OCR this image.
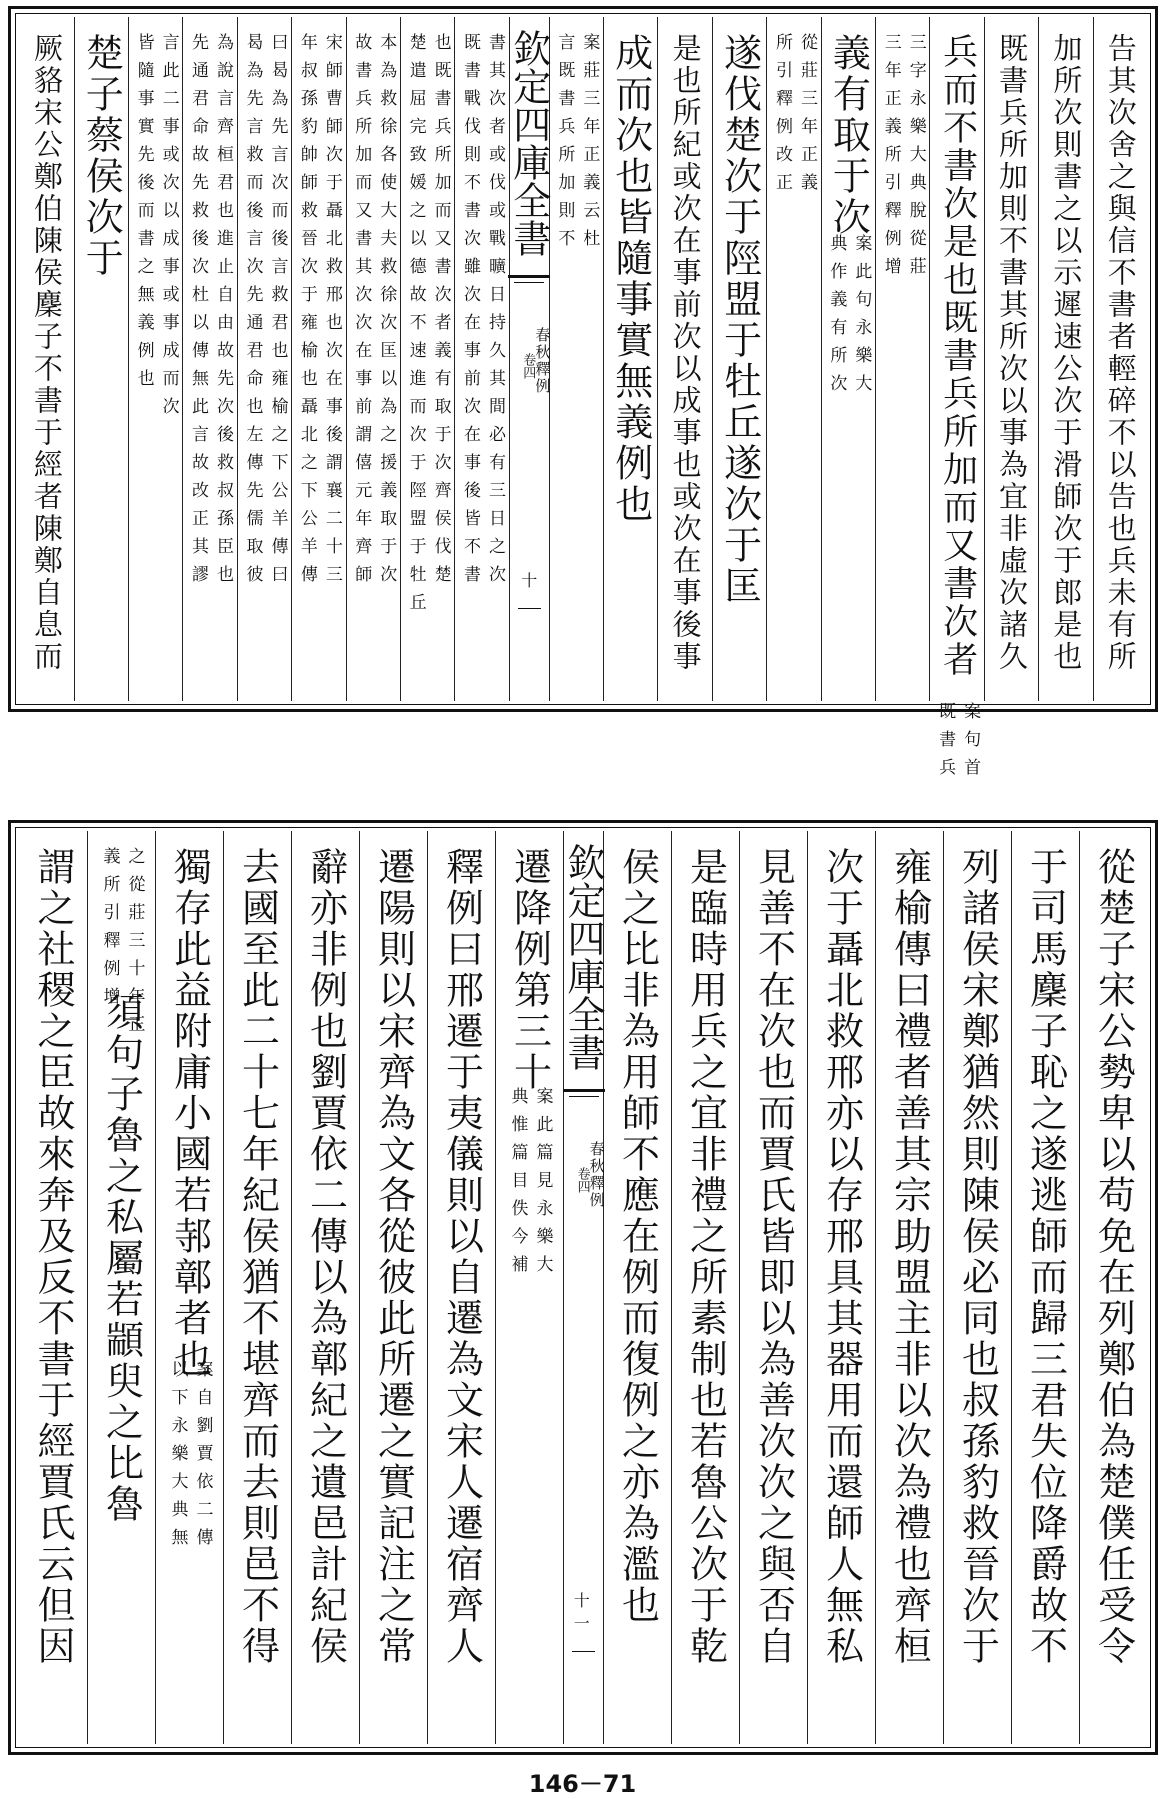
告其次舍之與信不書者輕碎不以告也兵未有所
加所次則書之以示遲速公次于滑師次于郎是也
既書兵所加則不書其所次以事為宜非虛次諸久
兵而不書次是也既書兵所加而又書次者
案句首
既書兵
三字永樂大典脫從莊
三年正義所引釋例增
義有取于次
案此句永樂大
典作義有所次
從莊三年正義
所引釋例改正
遂伐楚次于陘盟于牡丘遂次于匡
是也所紀或次在事前次以成事也或次在事後事
成而次也皆隨事實無義例也
案莊三年正義云杜
言既書兵所加則不
欽定四庫全書
春秋釋例
卷四
十
書其次者或伐或戰曠日持久其間必有三日之次
既書戰伐則不書次雖次在事前次在事後皆不書
也既書兵所加而又書次者義有取于次齊侯伐楚
楚遣屈完致媛之以德故不速進而次于陘盟于牡丘
本為救徐各使大夫救徐次匡以為之援義取于次
故書兵所加而又書其次次在事前謂僖元年齊師
宋師曹師次于聶北救邢也次在事後謂襄二十三
年叔孫豹帥師救晉次于雍榆也聶北之下公羊傳
曰曷為先言次而後言救君也雍榆之下公羊傳曰
曷為先言救而後言次先通君命也左傳先儒取彼
為說言齊桓君也進止自由故先次後救叔孫臣也
先通君命故先救後次杜以傳無此言故改正其謬
言此二事或次以成事或事成而次
皆隨事實先後而書之無義例也
楚子蔡侯次于
厥貉宋公鄭伯陳侯麇子不書于經者陳鄭自息而
從楚子宋公勢卑以苟免在列鄭伯為楚僕任受令
于司馬麇子恥之遂逃師而歸三君失位降爵故不
列諸侯宋鄭猶然則陳侯必同也叔孫豹救晉次于
雍榆傳曰禮者善其宗助盟主非以次為禮也齊桓
次于聶北救邢亦以存邢具其器用而還師人無私
見善不在次也而賈氏皆即以為善次次之與否自
是臨時用兵之宜非禮之所素制也若魯公次于乾
侯之比非為用師不應在例而復例之亦為濫也
欽定四庫全書
春秋釋例
卷四
十一
遷降例第三十
案此篇見永樂大
典惟篇目佚今補
釋例曰邢遷于夷儀則以自遷為文宋人遷宿齊人
遷陽則以宋齊為文各從彼此所遷之實記注之常
辭亦非例也劉賈依二傳以為鄣紀之遺邑計紀侯
去國至此二十七年紀侯猶不堪齊而去則邑不得
獨存此益附庸小國若邿鄣者也
案自劉賈依二傳
以下永樂大典無
之從莊三十年正
義所引釋例增
須句子魯之私屬若顓臾之比魯
謂之社稷之臣故來奔及反不書于經賈氏云但因
146－71
